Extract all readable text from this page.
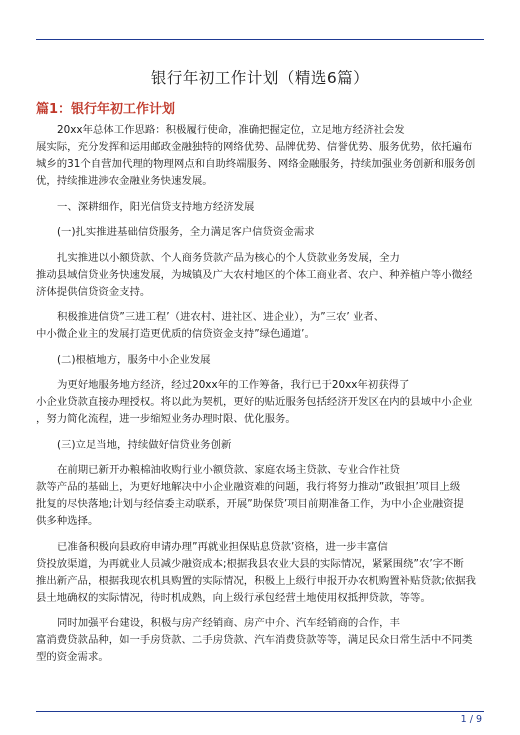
银行年初工作计划（精选6篇）
篇1：银行年初工作计划
20xx年总体工作思路：积极履行使命，准确把握定位，立足地方经济社会发
展实际，充分发挥和运用邮政金融独特的网络优势、品牌优势、信誉优势、服务优势，依托遍布
城乡的31个自营加代理的物理网点和自助终端服务、网络金融服务，持续加强业务创新和服务创
优，持续推进涉农金融业务快速发展。
一、深耕细作，阳光信贷支持地方经济发展
(一)扎实推进基础信贷服务，全力满足客户信贷资金需求
扎实推进以小额贷款、个人商务贷款产品为核心的个人贷款业务发展，全力
推动县域信贷业务快速发展，为城镇及广大农村地区的个体工商业者、农户、种养植户等小微经
济体提供信贷资金支持。
积极推进信贷”三进工程’（进农村、进社区、进企业），为”三农’ 业者、
中小微企业主的发展打造更优质的信贷资金支持”绿色通道’。
(二)根植地方，服务中小企业发展
为更好地服务地方经济，经过20xx年的工作筹备，我行已于20xx年初获得了
小企业贷款直接办理授权。将以此为契机，更好的贴近服务包括经济开发区在内的县域中小企业
，努力简化流程，进一步缩短业务办理时限、优化服务。
(三)立足当地，持续做好信贷业务创新
在前期已新开办粮棉油收购行业小额贷款、家庭农场主贷款、专业合作社贷
款等产品的基础上，为更好地解决中小企业融资难的问题，我行将努力推动”政银担’项目上级
批复的尽快落地;计划与经信委主动联系，开展”助保贷’项目前期准备工作，为中小企业融资提
供多种选择。
已准备积极向县政府申请办理”再就业担保贴息贷款’资格，进一步丰富信
贷投放渠道，为再就业人员减少融资成本;根据我县农业大县的实际情况，紧紧围绕”农’字不断
推出新产品，根据我现农机具购置的实际情况，积极上上级行申报开办农机购置补贴贷款;依据我
县土地确权的实际情况，待时机成熟，向上级行承包经营土地使用权抵押贷款，等等。
同时加强平台建设，积极与房产经销商、房产中介、汽车经销商的合作，丰
富消费贷款品种，如一手房贷款、二手房贷款、汽车消费贷款等等，满足民众日常生活中不同类
型的资金需求。
1 / 9
